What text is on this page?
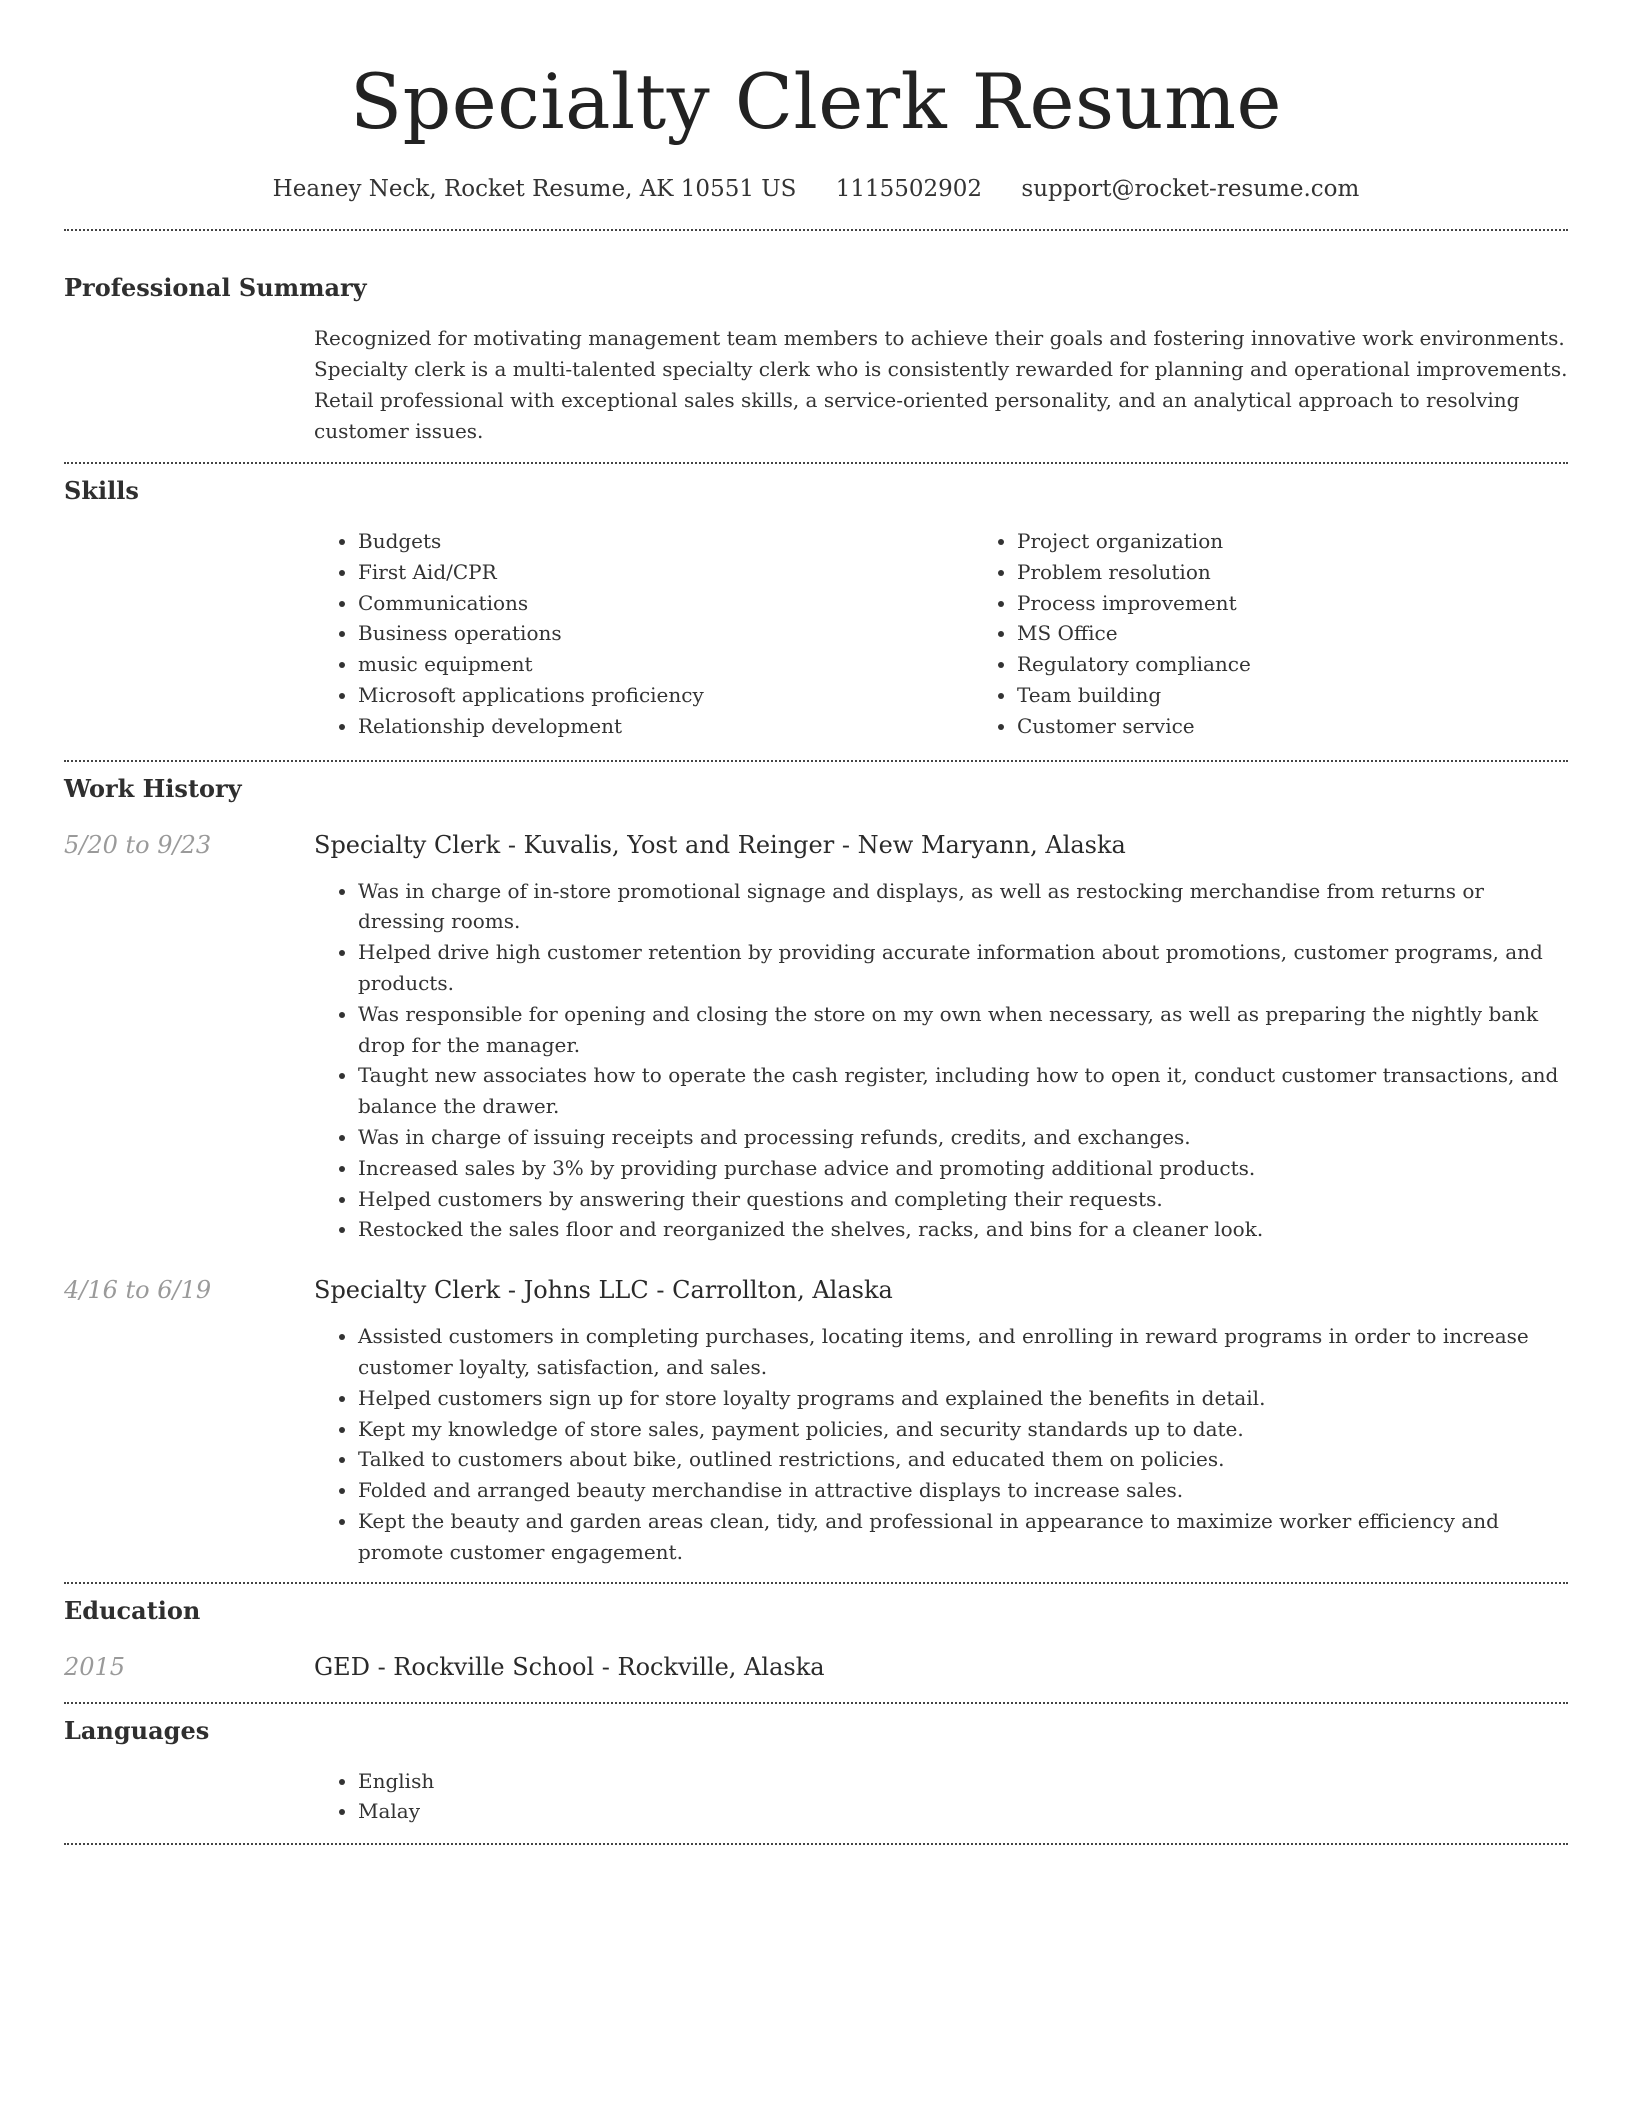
Specialty Clerk Resume
Heaney Neck, Rocket Resume, AK 10551 US 1115502902 support@rocket-resume.com
Professional Summary

Recognized for motivating management team members to achieve their goals and fostering innovative work environments. Specialty clerk is a multi-talented specialty clerk who is consistently rewarded for planning and operational improvements. Retail professional with exceptional sales skills, a service-oriented personality, and an analytical approach to resolving customer issues.

Skills
• Budgets
• First Aid/CPR
• Communications
• Business operations
• music equipment
• Microsoft applications proficiency
• Relationship development
• Project organization
• Problem resolution
• Process improvement
• MS Office
• Regulatory compliance
• Team building
• Customer service
Work History
5/20 to 9/23	Specialty Clerk - Kuvalis, Yost and Reinger - New Maryann, Alaska
• Was in charge of in-store promotional signage and displays, as well as restocking merchandise from returns or dressing rooms.
• Helped drive high customer retention by providing accurate information about promotions, customer programs, and products.
• Was responsible for opening and closing the store on my own when necessary, as well as preparing the nightly bank drop for the manager.
• Taught new associates how to operate the cash register, including how to open it, conduct customer transactions, and balance the drawer.
• Was in charge of issuing receipts and processing refunds, credits, and exchanges.
• Increased sales by 3% by providing purchase advice and promoting additional products.
• Helped customers by answering their questions and completing their requests.
• Restocked the sales floor and reorganized the shelves, racks, and bins for a cleaner look.
4/16 to 6/19	Specialty Clerk - Johns LLC - Carrollton, Alaska
• Assisted customers in completing purchases, locating items, and enrolling in reward programs in order to increase customer loyalty, satisfaction, and sales.
• Helped customers sign up for store loyalty programs and explained the benefits in detail.
• Kept my knowledge of store sales, payment policies, and security standards up to date.
• Talked to customers about bike, outlined restrictions, and educated them on policies.
• Folded and arranged beauty merchandise in attractive displays to increase sales.
• Kept the beauty and garden areas clean, tidy, and professional in appearance to maximize worker efficiency and promote customer engagement.
Education
2015	GED - Rockville School - Rockville, Alaska
Languages
• English
• Malay
